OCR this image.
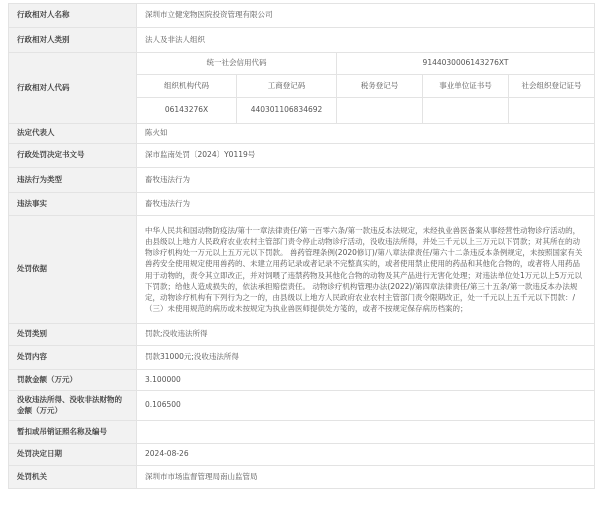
行政相对人名称	深圳市立健宠物医院投资管理有限公司				
行政相对人类别	法人及非法人组织				
行政相对人代码	统一社会信用代码		91440300061432​76XT		
	组织机构代码	工商登记码	税务登记号	事业单位证书号	社会组织登记证号
	06143276X	440301106834692			
法定代表人	陈火如				
行政处罚决定书文号	深市监南处罚〔2024〕Y0119号				
违法行为类型	畜牧违法行为				
违法事实	畜牧违法行为				
处罚依据	中华人民共和国动物防疫法/第十一章法律责任/第一百零六条/第一款违反本法规定，未经执业兽医备案从事经营性动物诊疗活动的，由县级以上地方人民政府农业农村主管部门责令停止动物诊疗活动，没收违法所得，并处三千元以上三万元以下罚款；对其所在的动物诊疗机构处一万元以上五万元以下罚款。 兽药管理条例(2020修订)/第八章法律责任/第六十二条违反本条例规定，未按照国家有关兽药安全使用规定使用兽药的、未建立用药记录或者记录不完整真实的，或者使用禁止使用的药品和其他化合物的，或者将人用药品用于动物的，责令其立即改正，并对饲喂了违禁药物及其他化合物的动物及其产品进行无害化处理；对违法单位处1万元以上5万元以下罚款；给他人造成损失的，依法承担赔偿责任。 动物诊疗机构管理办法(2022)/第四章法律责任/第三十五条/第一款违反本办法规定，动物诊疗机构有下列行为之一的，由县级以上地方人民政府农业农村主管部门责令限期改正，处一千元以上五千元以下罚款：/（三）未使用规范的病历或未按规定为执业兽医师提供处方笺的，或者不按规定保存病历档案的；				
处罚类别	罚款;没收违法所得				
处罚内容	罚款31000元;没收违法所得				
罚款金额（万元）	3.100000				
没收违法所得、没收非法财物的金额（万元）	0.106500				
暂扣或吊销证照名称及编号					
处罚决定日期	2024-08-26				
处罚机关	深圳市市场监督管理局南山监管局				
